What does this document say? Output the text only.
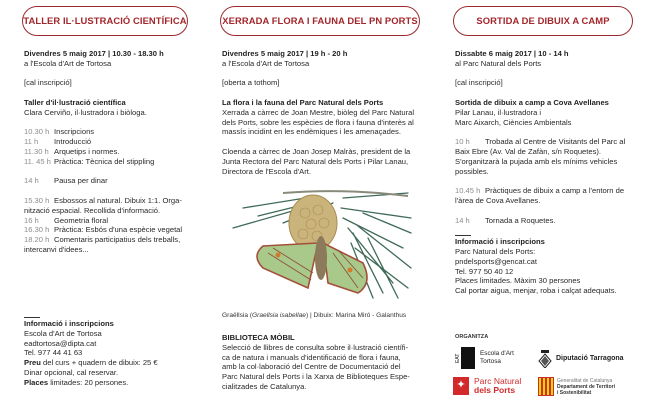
TALLER IL·LUSTRACIÓ CIENTÍFICA
Divendres 5 maig 2017 | 10.30 - 18.30 h
a l'Escola d'Art de Tortosa
[cal inscripció]
Taller d'il·lustració científica
Clara Cerviño, il·lustradora i biòloga.
10.30 h Inscripcions
11 h	Introducció
11.30 h Arquetips i normes.
11. 45 h Pràctica: Tècnica del stippling
14 h	Pausa per dinar
15.30 h Esbossos al natural. Dibuix 1:1. Orga-
nització espacial. Recollida d'informació.
16 h	Geometria floral
16.30 h Pràctica: Esbós d'una espècie vegetal
18.20 h Comentaris participatius dels treballs,
intercanvi d'idees...
Informació i inscripcions
Escola d'Art de Tortosa
eadtortosa@dipta.cat
Tel. 977 44 41 63
Preu del curs + quadern de dibuix: 25 €
Dinar opcional, cal reservar.
Places limitades: 20 persones.
XERRADA FLORA I FAUNA DEL PN PORTS
Divendres 5 maig 2017 | 19 h - 20 h
a l'Escola d'Art de Tortosa
[oberta a tothom]
La flora i la fauna del Parc Natural dels Ports
Xerrada a càrrec de Joan Mestre, biòleg del Parc Natural
dels Ports, sobre les espècies de flora i fauna d'interès al
massís incidint en les endèmiques i les amenaçades.
Cloenda a càrrec de Joan Josep Malràs, president de la
Junta Rectora del Parc Natural dels Ports i Pilar Lanau,
Directora de l'Escola d'Art.
Graëllsia (Graellsia isabellae) | Dibuix: Marina Miró - Galanthus
BIBLIOTECA MÒBIL
Selecció de llibres de consulta sobre il·lustració científi-
ca de natura i manuals d'identificació de flora i fauna,
amb la col·laboració del Centre de Documentació del
Parc Natural dels Ports i la Xarxa de Biblioteques Espe-
cialitzades de Catalunya.
SORTIDA DE DIBUIX A CAMP
Dissabte 6 maig 2017 | 10 - 14 h
al Parc Natural dels Ports
[cal inscripció]
Sortida de dibuix a camp a Cova Avellanes
Pilar Lanau, il·lustradora i
Marc Aixarch, Ciències Ambientals
10 h	Trobada al Centre de Visitants del Parc al
Baix Ebre (Av. Val de Zafàn, s/n Roquetes).
S'organitzarà la pujada amb els mínims vehicles
possibles.
10.45 h Pràctiques de dibuix a camp a l'entorn de
l'àrea de Cova Avellanes.
14 h	Tornada a Roquetes.
Informació i inscripcions
Parc Natural dels Ports:
pndelsports@gencat.cat
Tel. 977 50 40 12
Places limitades. Màxim 30 persones
Cal portar aigua, menjar, roba i calçat adequats.
ORGANITZA
EAT
Escola d'Art
Tortosa	Diputació Tarragona
✦ Parc Natural
dels Ports
Generalitat de Catalunya
Departament de Territori
i Sostenibilitat
